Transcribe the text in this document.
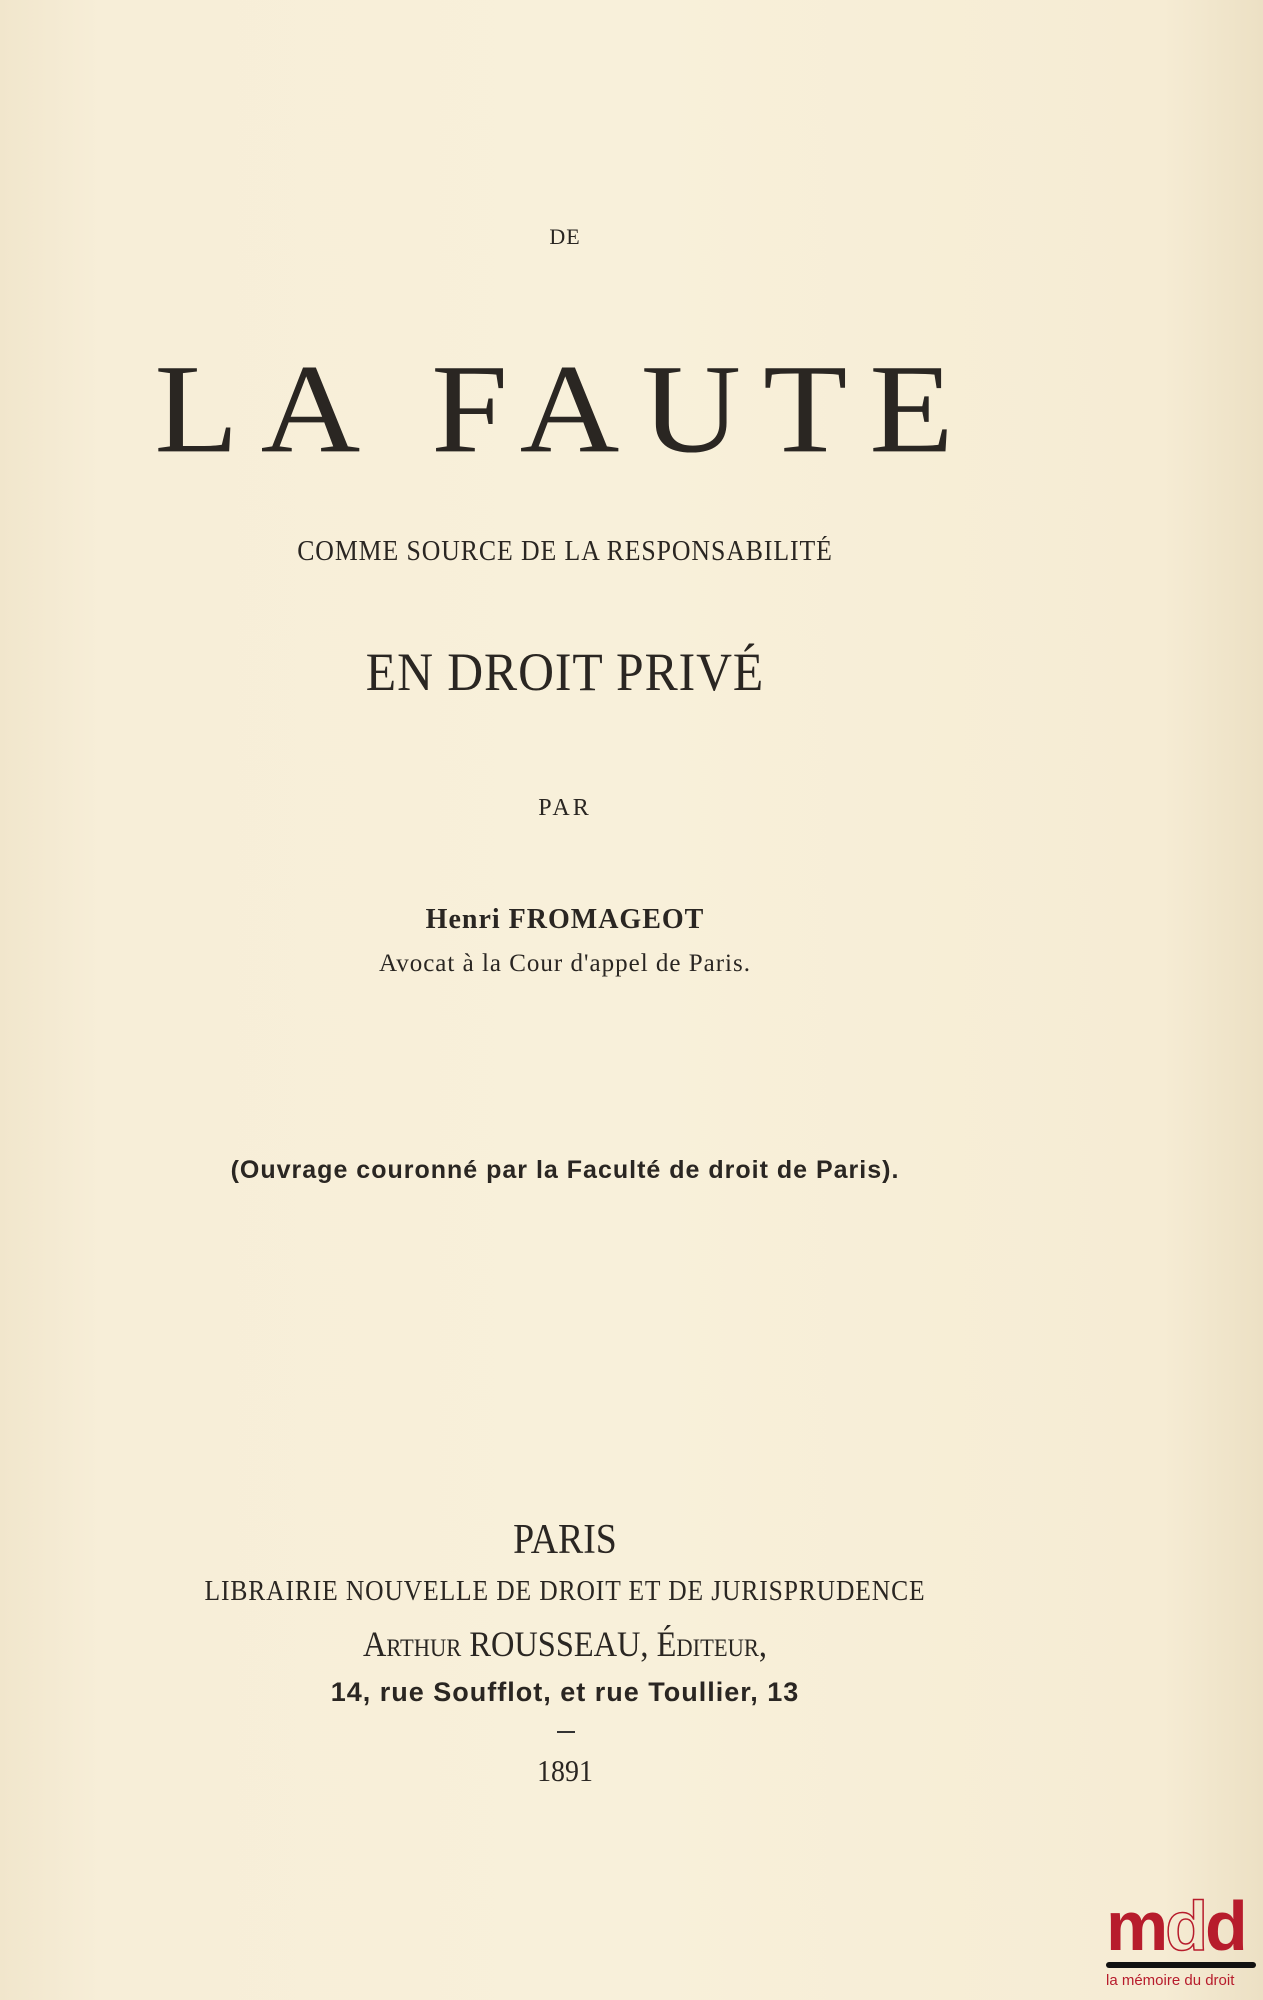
DE
LA FAUTE
COMME SOURCE DE LA RESPONSABILITÉ
EN DROIT PRIVÉ
PAR
Henri FROMAGEOT
Avocat à la Cour d'appel de Paris.
(Ouvrage couronné par la Faculté de droit de Paris).
PARIS
LIBRAIRIE NOUVELLE DE DROIT ET DE JURISPRUDENCE
Arthur ROUSSEAU, Éditeur,
14, rue Soufflot, et rue Toullier, 13
1891
mdd
la mémoire du droit
